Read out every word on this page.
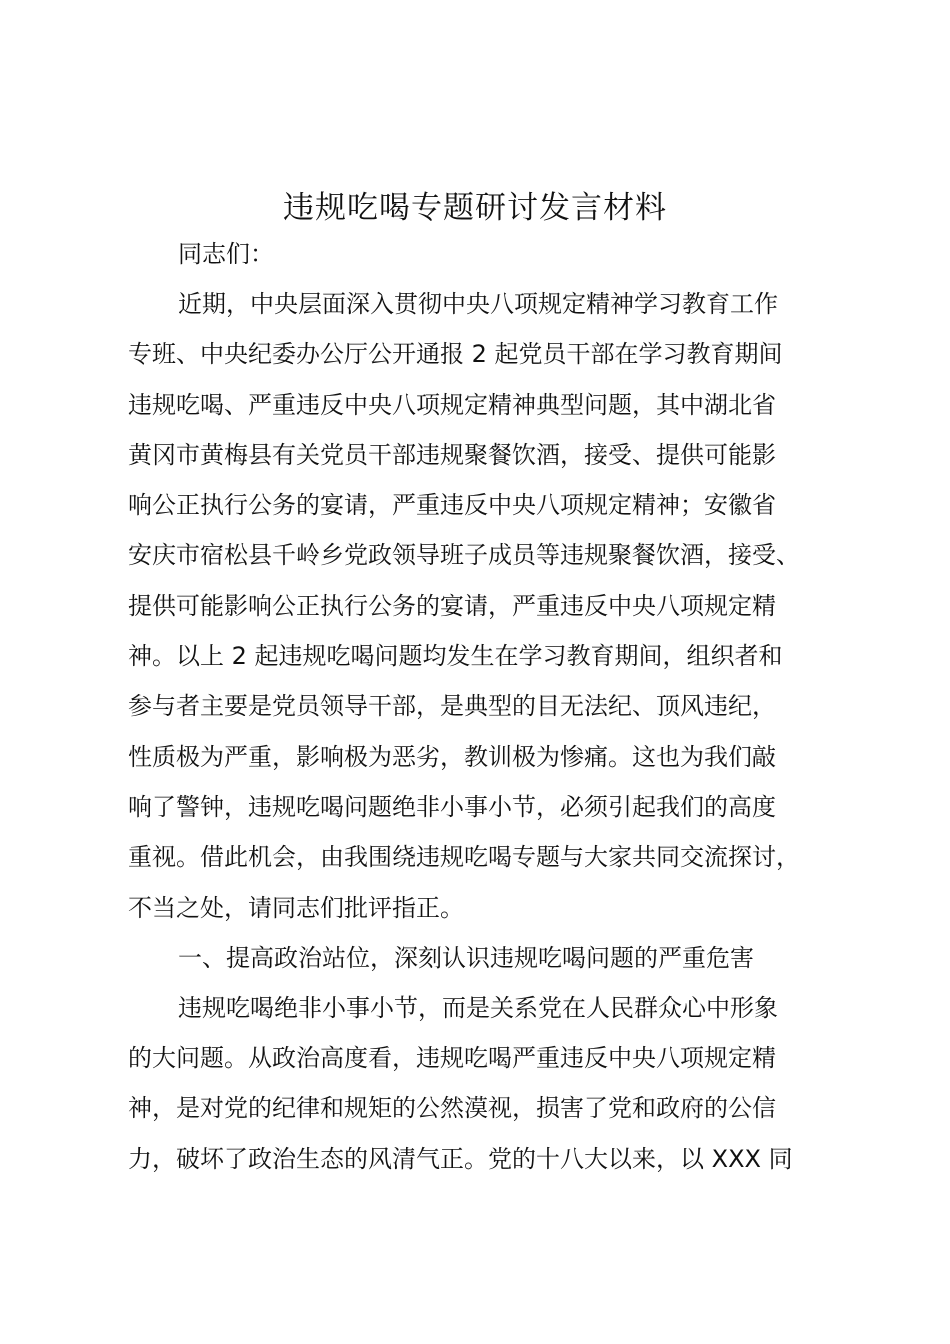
违规吃喝专题研讨发言材料

同志们：

近期，中央层面深入贯彻中央八项规定精神学习教育工作
专班、中央纪委办公厅公开通报 2 起党员干部在学习教育期间
违规吃喝、严重违反中央八项规定精神典型问题，其中湖北省
黄冈市黄梅县有关党员干部违规聚餐饮酒，接受、提供可能影
响公正执行公务的宴请，严重违反中央八项规定精神；安徽省
安庆市宿松县千岭乡党政领导班子成员等违规聚餐饮酒，接受、
提供可能影响公正执行公务的宴请，严重违反中央八项规定精
神。以上 2 起违规吃喝问题均发生在学习教育期间，组织者和
参与者主要是党员领导干部，是典型的目无法纪、顶风违纪，
性质极为严重，影响极为恶劣，教训极为惨痛。这也为我们敲
响了警钟，违规吃喝问题绝非小事小节，必须引起我们的高度
重视。借此机会，由我围绕违规吃喝专题与大家共同交流探讨，
不当之处，请同志们批评指正。

一、提高政治站位，深刻认识违规吃喝问题的严重危害

违规吃喝绝非小事小节，而是关系党在人民群众心中形象
的大问题。从政治高度看，违规吃喝严重违反中央八项规定精
神，是对党的纪律和规矩的公然漠视，损害了党和政府的公信
力，破坏了政治生态的风清气正。党的十八大以来，以 XXX 同
